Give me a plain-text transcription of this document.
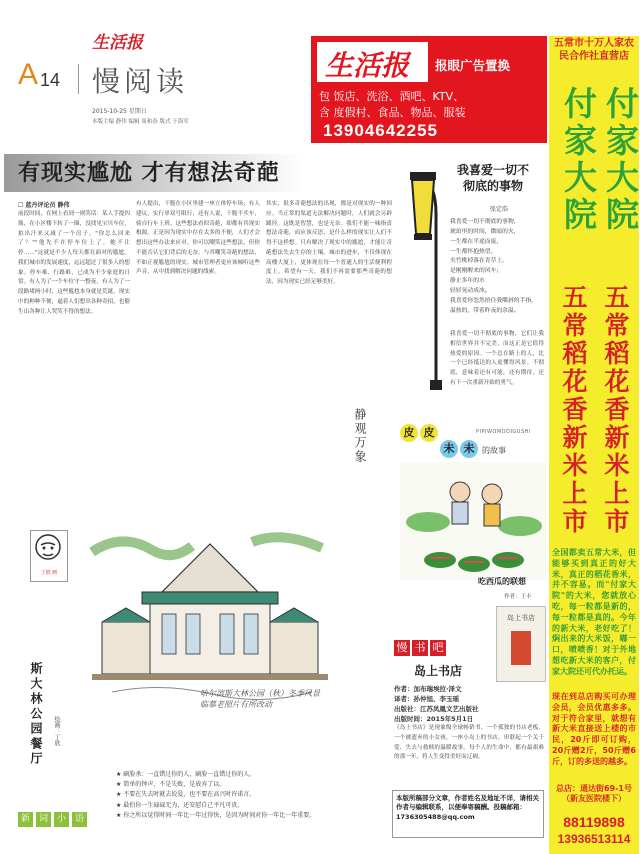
生活报
A 14 慢阅读
2015-10-25 星期日
本版主编 静伟 编辑 周和春 版式 于海军
生活报 报眼广告置换
包 饭店、洗浴、酒吧、KTV、
含 度假村、食品、物品、服装
13904642255
五常市十万人家农民合作社直营店
付家大院
付家大院
五常稻花香新米上市
五常稻花香新米上市
全国都卖五常大米，但能够买到真正的好大米，真正的稻花香米，并不容易。而"付家大院"的大米，您就放心吃，每一粒都是新的，每一粒都是真的。今年的新大米，老好吃了！焖出来的大米饭，嘟一口，喷喷香！对于外地想吃新大米的客户，付家大院还可代办托运。
现在到总店购买可办理会员，会员优惠多多。对于符合家里，就想有新大米直接送上楼的市民，20斤即可订购，20斤赠2斤，50斤赠6斤，订的多送的越多。
总店：通达街69-1号（新友医院楼下）
88119898
13936513114
有现实尴尬 才有想法奇葩
☐ 蓝丹评论员 静伟
前段时间，在网上看到一则笑话：某人手提四瓶，在小区楼下转了一圈，没找见宝贝车位，拍出汗来又减了一个房子。"你怎么回来了？""他先不在停车位上了，她不让停……"这就是不少人每天都在面对的尴尬。我们城市的发展速度，远远超过了很多人的想象。停车难、行路难，已成为不少家庭的日常。有人为了一个车位守一整夜，有人为了一段路堵两小时，这些尴尬本身就是荒诞。现实中的种种不便，逼着人们想出各种奇招，也催生出各种让人哭笑不得的想法。
有人提出，干脆在小区里建一座立体停车场；有人建议，实行单双号限行；还有人说，干脆不买车，骑自行车上班。这些想法看似奇葩，却都有其现实根源。正是因为现实中存在太多的不便，人们才会想出这些办法来应对。你可以嘲笑这些想法，但你不能否认它们背后的无奈。与其嘲笑奇葩的想法，不如正视尴尬的现实。城市管理者更应该倾听这些声音，从中找到解决问题的线索。
其实，很多奇葩想法的出现，都是对现实的一种回应。当正常的渠道无法解决问题时，人们就会另辟蹊径。这既是智慧，也是无奈。我们不能一味指责想法奇葩，而应该反思，是什么样的现实让人们不得不这样想。只有解决了现实中的尴尬，才能让奇葩想法失去生存的土壤。城市的进步，不仅体现在高楼大厦上，更体现在每一个普通人的生活便利程度上。希望有一天，我们不再需要那些奇葩的想法，因为现实已经足够美好。
我喜爱一切不彻底的事物
张定浩
我喜爱一切不彻底的事物，
琥珀里的时间，微暗的火，
一生都在半途而废，
一生都怀抱热望。
夹竹桃掉落在青草上，
是刚刚醒来的风车；
静止多年的水
轻轻晃动成冰。
我喜爱你忽然捂住我嘴唇的手指，
温热的，带着昨夜的余温。
我喜爱一切不彻底的事物，它们让我相信世界并不完美，而这正是它值得热爱的原因。一个总在路上的人，比一个已经抵达的人更懂得风景。不彻底，意味着还有可能，还有期待，还有下一次重新开始的勇气。
静观万象	皮 皮
未 未 的故事
PIPIWOMODIGUSHI
吃西瓜的联想
作者：王丰
斯大林公园餐厅	绘画：丁欣
丁欣 画
哈尔滨斯大林公园（秋）冬季风景 临摹老照片有所改动
慢 书 吧
岛上书店
岛上书店
作者：加布瑞埃拉·泽文
译者：孙仲旭、李玉瑶
出版社：江苏凤凰文艺出版社
出版时间：2015年5月1日
《岛上书店》是现象级全球畅销书。一个孤独的书店老板，一个被遗弃的小女孩，一座小岛上的书店，串联起一个关于爱、失去与救赎的温暖故事。每个人的生命中，都有最艰难的那一年，将人生变得美好而辽阔。
新 词 小 语
★ 刷脸杀：一直错过你的人，刷脸一直错过你的人。
★ 简单的钟声，不是失败，是放弃了以。
★ 不要在失去时就去说爱，也不要在高兴时许诺言。
★ 最怕你一生碌碌无为，还安慰自己平凡可贵。
★ 你之所以觉得时间一年比一年过得快，是因为时间对你一年比一年重要。
本版所稿部分文章，作者姓名及地址不详，请相关作者与编辑联系，以便奉寄稿酬。投稿邮箱：
1736305488@qq.com
